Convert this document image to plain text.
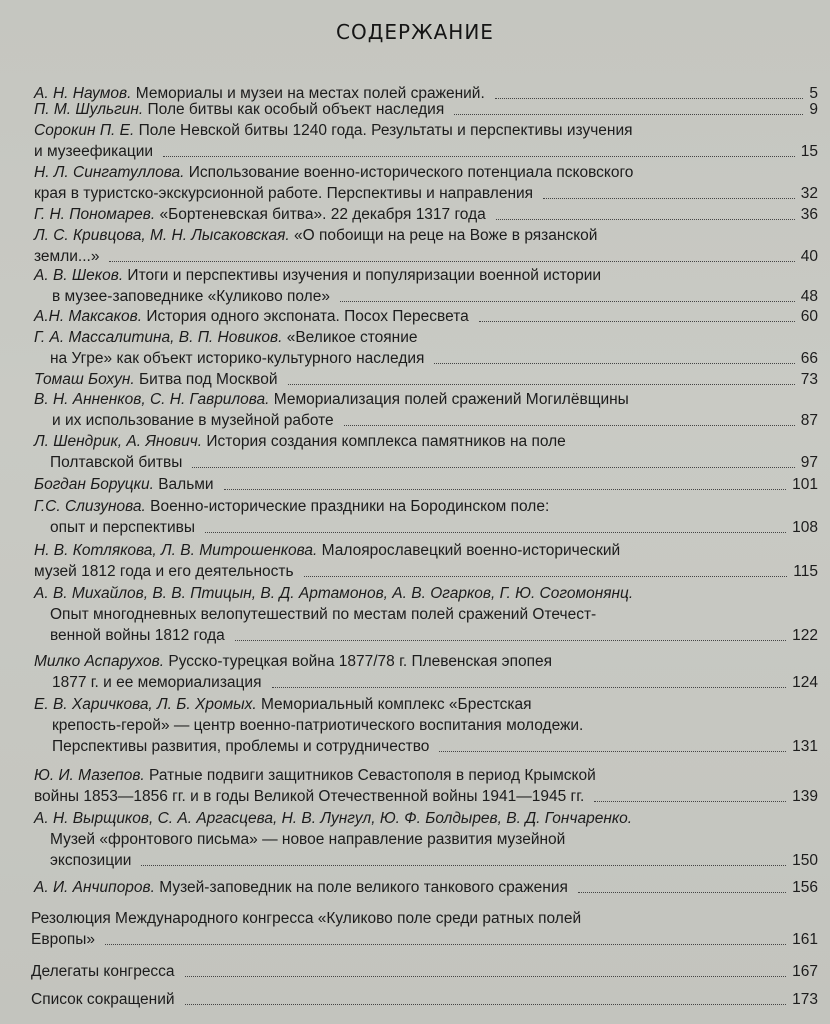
СОДЕРЖАНИЕ
А. Н. Наумов. Мемориалы и музеи на местах полей сражений.	5
П. М. Шульгин. Поле битвы как особый объект наследия	9
Сорокин П. Е. Поле Невской битвы 1240 года. Результаты и перспективы изучения
и музеефикации	15
Н. Л. Сингатуллова. Использование военно-исторического потенциала псковского
края в туристско-экскурсионной работе. Перспективы и направления	32
Г. Н. Пономарев. «Бортеневская битва». 22 декабря 1317 года	36
Л. С. Кривцова, М. Н. Лысаковская. «О побоищи на реце на Воже в рязанской
земли...»	40
А. В. Шеков. Итоги и перспективы изучения и популяризации военной истории
в музее-заповеднике «Куликово поле»	48
А.Н. Максаков. История одного экспоната. Посох Пересвета	60
Г. А. Массалитина, В. П. Новиков. «Великое стояние
на Угре» как объект историко-культурного наследия	66
Томаш Бохун. Битва под Москвой	73
В. Н. Анненков, С. Н. Гаврилова. Мемориализация полей сражений Могилёвщины
и их использование в музейной работе	87
Л. Шендрик, А. Янович. История создания комплекса памятников на поле
Полтавской битвы	97
Богдан Боруцки. Вальми	101
Г.С. Слизунова. Военно-исторические праздники на Бородинском поле:
опыт и перспективы	108
Н. В. Котлякова, Л. В. Митрошенкова. Малоярославецкий военно-исторический
музей 1812 года и его деятельность	115
А. В. Михайлов, В. В. Птицын, В. Д. Артамонов, А. В. Огарков, Г. Ю. Согомонянц.
Опыт многодневных велопутешествий по местам полей сражений Отечест-
венной войны 1812 года	122
Милко Аспарухов. Русско-турецкая война 1877/78 г. Плевенская эпопея
1877 г. и ее мемориализация	124
Е. В. Харичкова, Л. Б. Хромых. Мемориальный комплекс «Брестская
крепость-герой» — центр военно-патриотического воспитания молодежи.
Перспективы развития, проблемы и сотрудничество	131
Ю. И. Мазепов. Ратные подвиги защитников Севастополя в период Крымской
войны 1853—1856 гг. и в годы Великой Отечественной войны 1941—1945 гг.	139
А. Н. Вырщиков, С. А. Аргасцева, Н. В. Лунгул, Ю. Ф. Болдырев, В. Д. Гончаренко.
Музей «фронтового письма» — новое направление развития музейной
экспозиции	150
А. И. Анчипоров. Музей-заповедник на поле великого танкового сражения	156
Резолюция Международного конгресса «Куликово поле среди ратных полей
Европы»	161
Делегаты конгресса	167
Список сокращений	173
